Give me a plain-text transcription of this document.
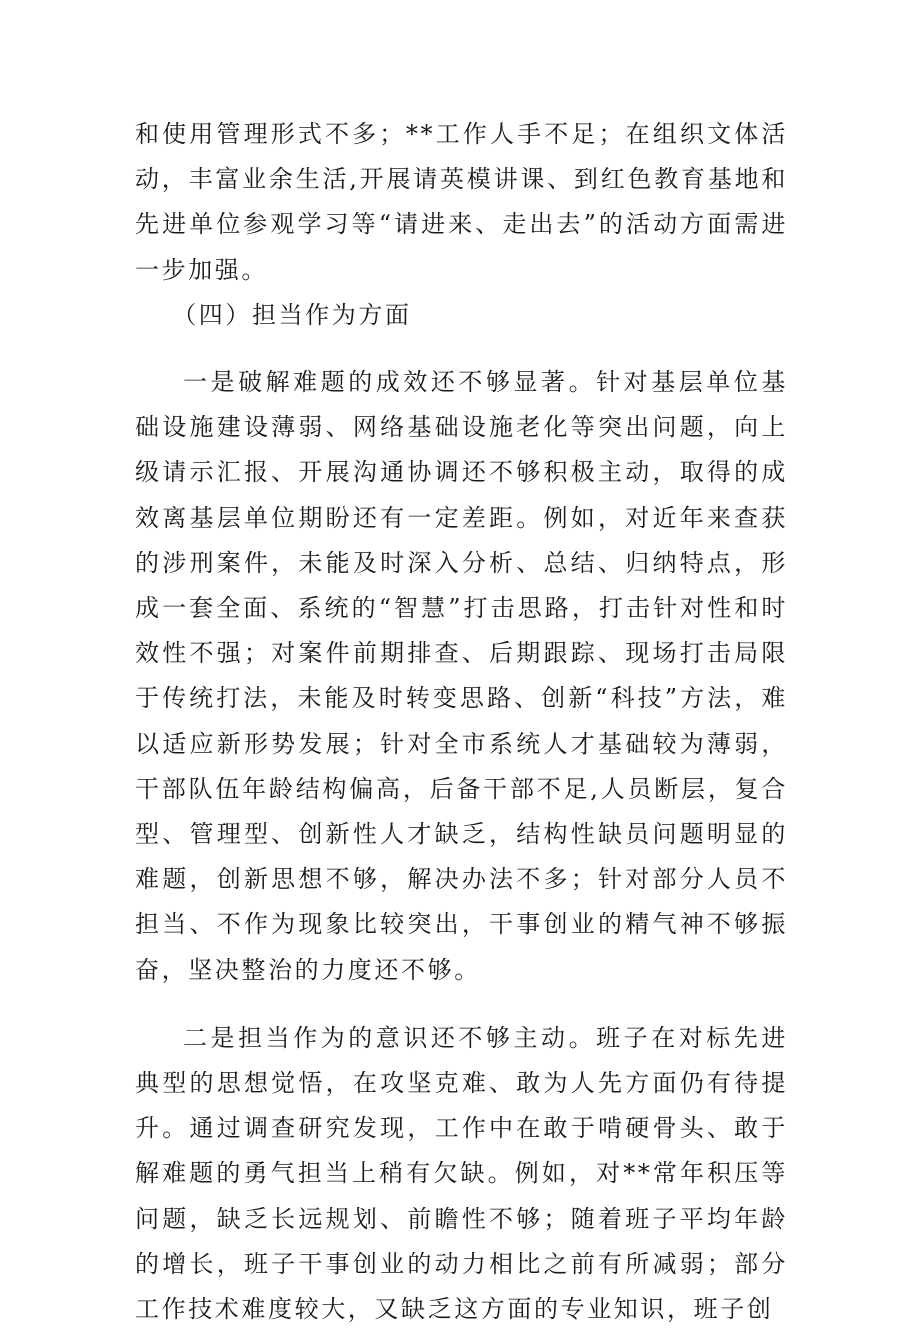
和使用管理形式不多；**工作人手不足；在组织文体活动，丰富业余生活,开展请英模讲课、到红色教育基地和先进单位参观学习等“请进来、走出去”的活动方面需进一步加强。

（四）担当作为方面

一是破解难题的成效还不够显著。针对基层单位基础设施建设薄弱、网络基础设施老化等突出问题，向上级请示汇报、开展沟通协调还不够积极主动，取得的成效离基层单位期盼还有一定差距。例如，对近年来查获的涉刑案件，未能及时深入分析、总结、归纳特点，形成一套全面、系统的“智慧”打击思路，打击针对性和时效性不强；对案件前期排查、后期跟踪、现场打击局限于传统打法，未能及时转变思路、创新“科技”方法，难以适应新形势发展；针对全市系统人才基础较为薄弱，干部队伍年龄结构偏高，后备干部不足,人员断层，复合型、管理型、创新性人才缺乏，结构性缺员问题明显的难题，创新思想不够，解决办法不多；针对部分人员不担当、不作为现象比较突出，干事创业的精气神不够振奋，坚决整治的力度还不够。

二是担当作为的意识还不够主动。班子在对标先进典型的思想觉悟，在攻坚克难、敢为人先方面仍有待提升。通过调查研究发现，工作中在敢于啃硬骨头、敢于解难题的勇气担当上稍有欠缺。例如，对**常年积压等问题，缺乏长远规划、前瞻性不够；随着班子平均年龄的增长，班子干事创业的动力相比之前有所减弱；部分工作技术难度较大，又缺乏这方面的专业知识，班子创
